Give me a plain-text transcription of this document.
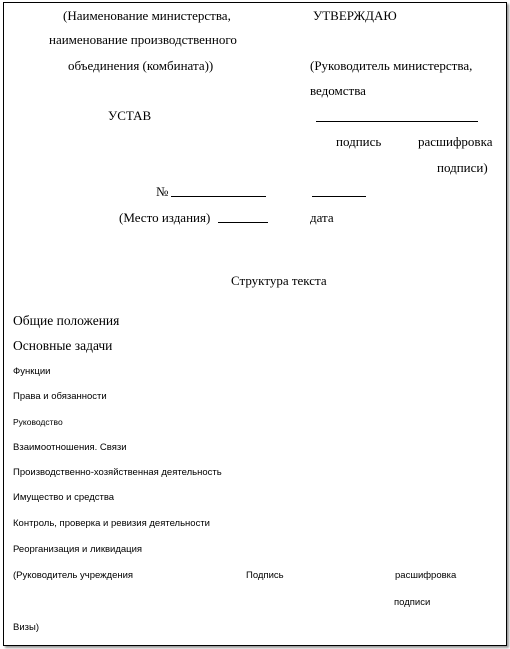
(Наименование министерства,
наименование производственного
объединения (комбината))
УТВЕРЖДАЮ
(Руководитель министерства,
ведомства
подпись	расшифровка
подписи)
дата
УСТАВ
№
(Место издания)
Структура текста
Общие положения
Основные задачи
Функции
Права и обязанности
Руководство
Взаимоотношения. Связи
Производственно-хозяйственная деятельность
Имущество и средства
Контроль, проверка и ревизия деятельности
Реорганизация и ликвидация
(Руководитель учреждения	Подпись	расшифровка
подписи
Визы)
